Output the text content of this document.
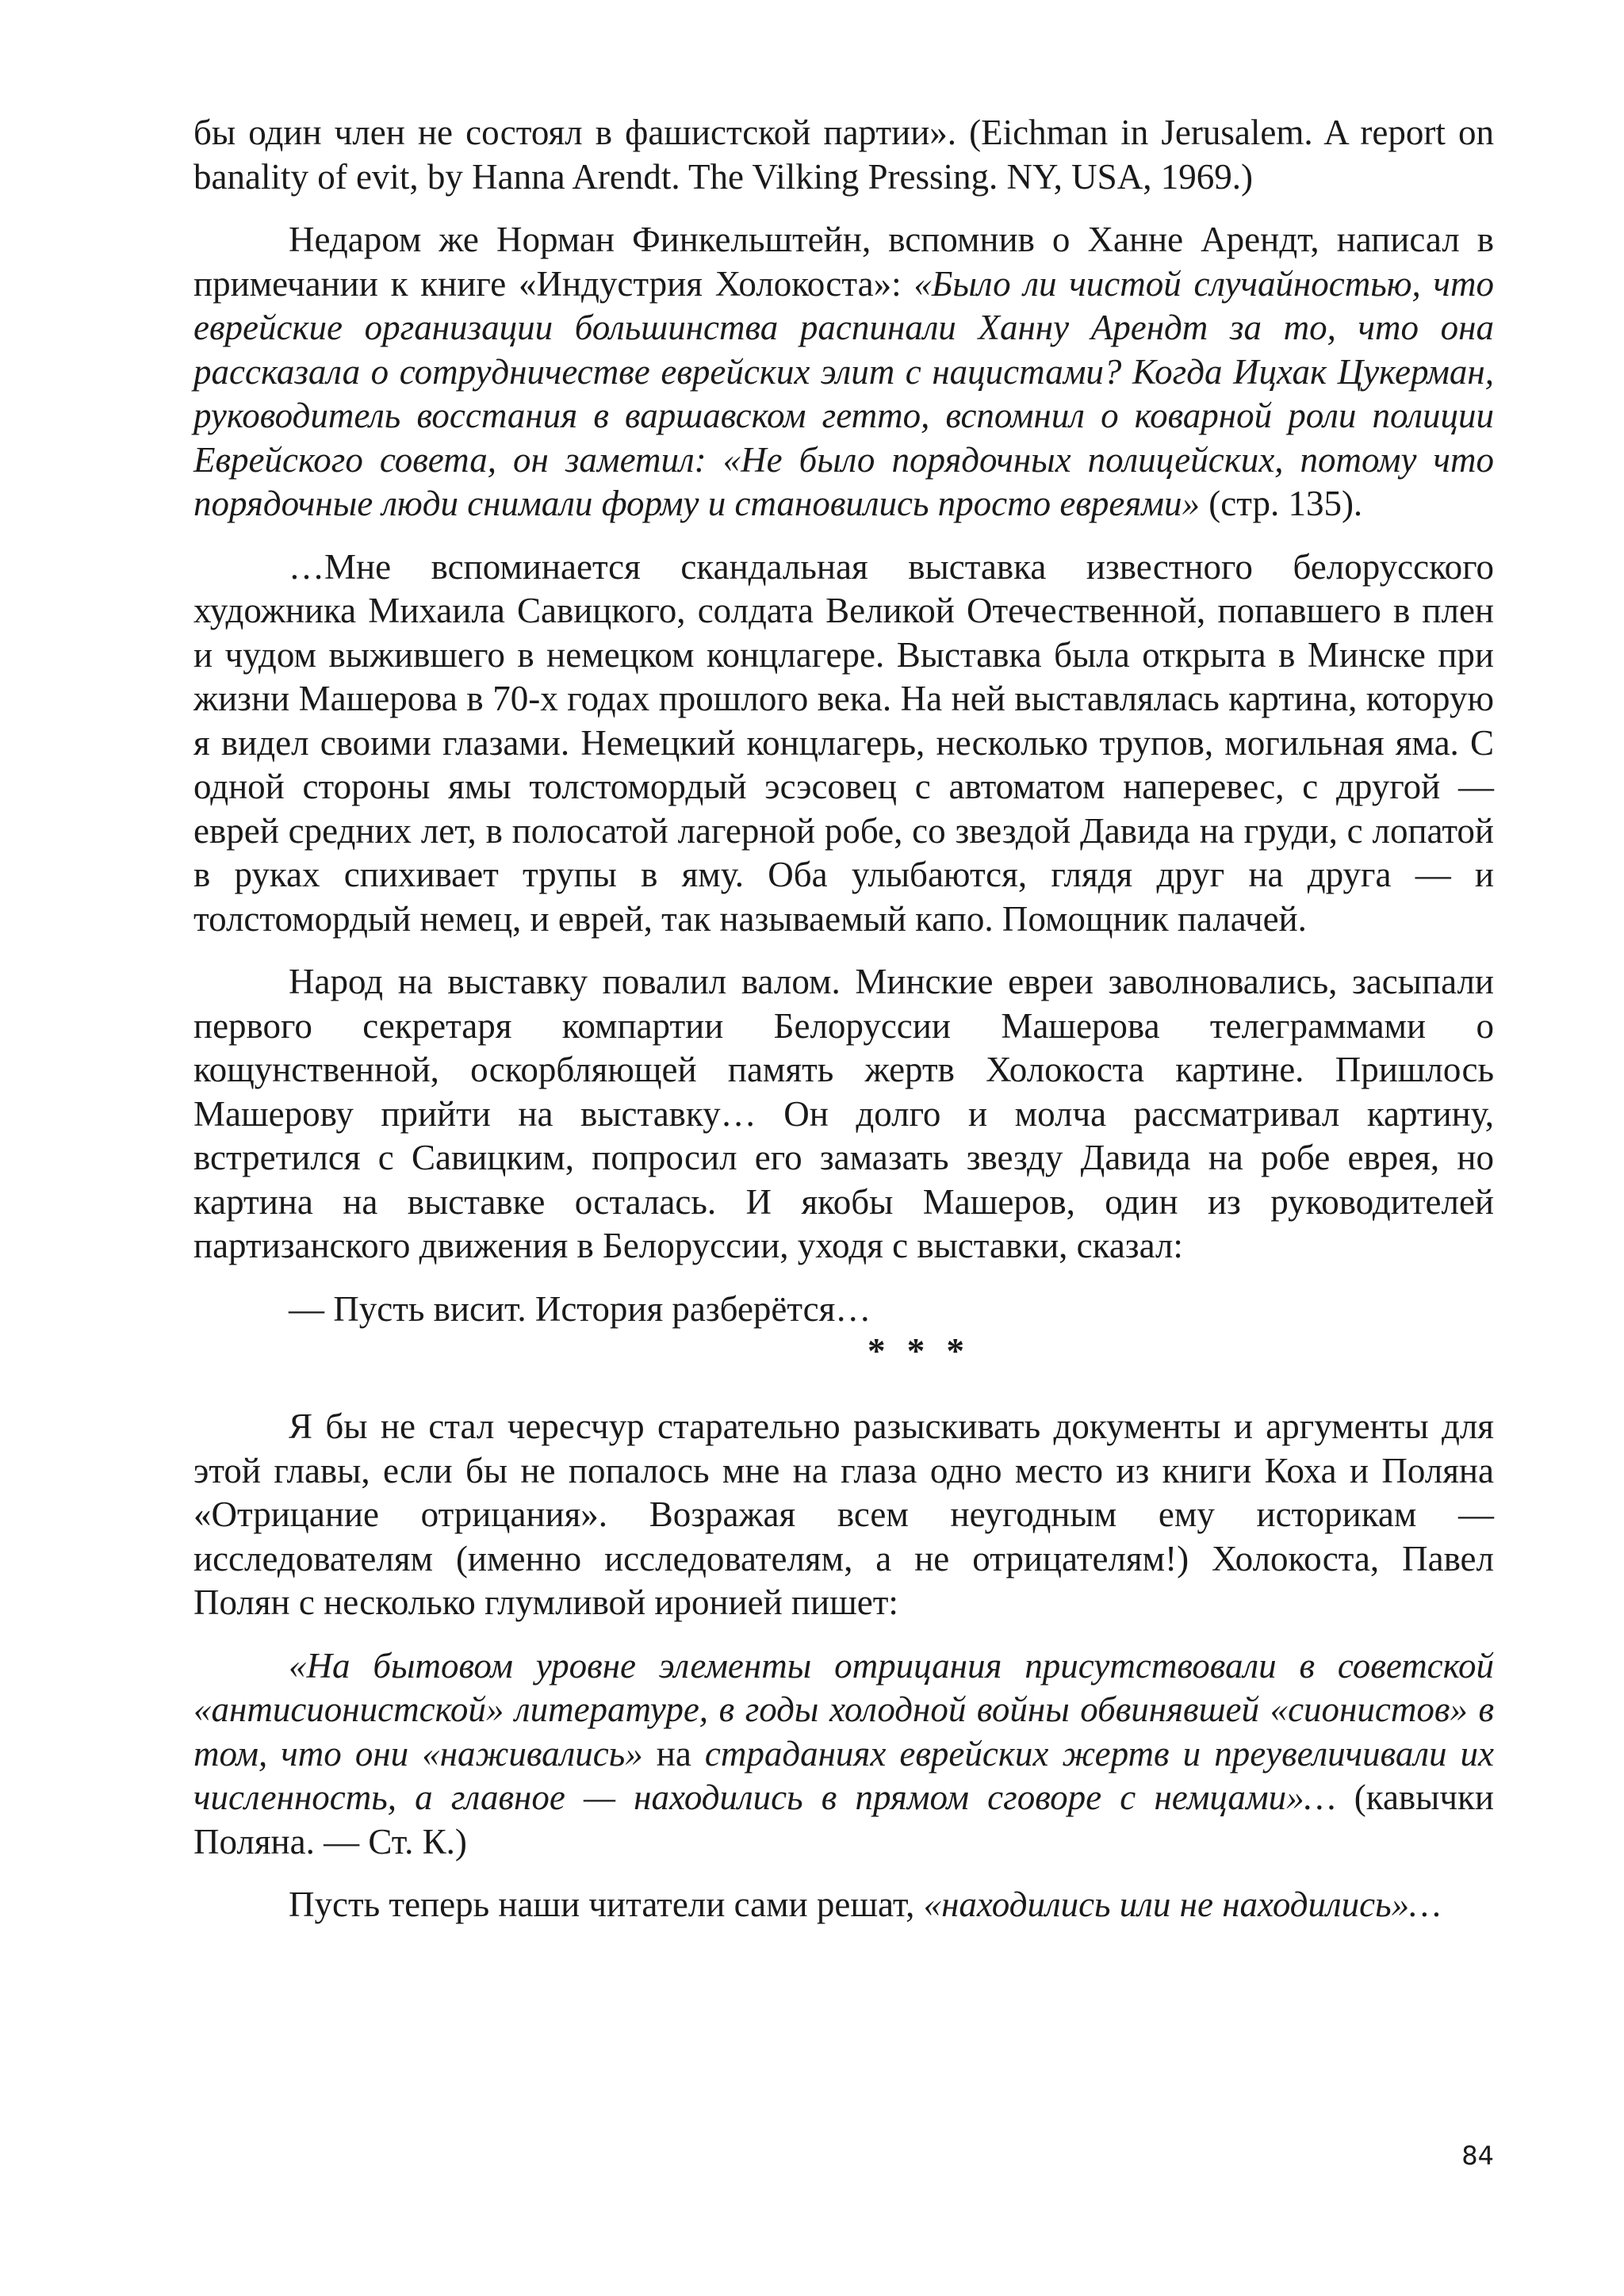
бы один член не состоял в фашистской партии». (Eichman in Jerusalem. A report on banality of evit, by Hanna Arendt. The Vilking Pressing. NY, USA, 1969.)

Недаром же Норман Финкельштейн, вспомнив о Ханне Арендт, написал в примечании к книге «Индустрия Холокоста»: «Было ли чистой случайностью, что еврейские организации большинства распинали Ханну Арендт за то, что она рассказала о сотрудничестве еврейских элит с нацистами? Когда Ицхак Цукерман, руководитель восстания в варшавском гетто, вспомнил о коварной роли полиции Еврейского совета, он заметил: «Не было порядочных полицейских, потому что порядочные люди снимали форму и становились просто евреями» (стр. 135).

…Мне вспоминается скандальная выставка известного белорусского художника Михаила Савицкого, солдата Великой Отечественной, попавшего в плен и чудом выжившего в немецком концлагере. Выставка была открыта в Минске при жизни Машерова в 70-х годах прошлого века. На ней выставлялась картина, которую я видел своими глазами. Немецкий концлагерь, несколько трупов, могильная яма. С одной стороны ямы толстомордый эсэсовец с автоматом наперевес, с другой — еврей средних лет, в полосатой лагерной робе, со звездой Давида на груди, с лопатой в руках спихивает трупы в яму. Оба улыбаются, глядя друг на друга — и толстомордый немец, и еврей, так называемый капо. Помощник палачей.

Народ на выставку повалил валом. Минские евреи заволновались, засыпали первого секретаря компартии Белоруссии Машерова телеграммами о кощунственной, оскорбляющей память жертв Холокоста картине. Пришлось Машерову прийти на выставку… Он долго и молча рассматривал картину, встретился с Савицким, попросил его замазать звезду Давида на робе еврея, но картина на выставке осталась. И якобы Машеров, один из руководителей партизанского движения в Белоруссии, уходя с выставки, сказал:

— Пусть висит. История разберётся…

* * *

Я бы не стал чересчур старательно разыскивать документы и аргументы для этой главы, если бы не попалось мне на глаза одно место из книги Коха и Поляна «Отрицание отрицания». Возражая всем неугодным ему историкам — исследователям (именно исследователям, а не отрицателям!) Холокоста, Павел Полян с несколько глумливой иронией пишет:

«На бытовом уровне элементы отрицания присутствовали в советской «антисионистской» литературе, в годы холодной войны обвинявшей «сионистов» в том, что они «наживались» на страданиях еврейских жертв и преувеличивали их численность, а главное — находились в прямом сговоре с немцами»… (кавычки Поляна. — Ст. К.)

Пусть теперь наши читатели сами решат, «находились или не находились»…

84
